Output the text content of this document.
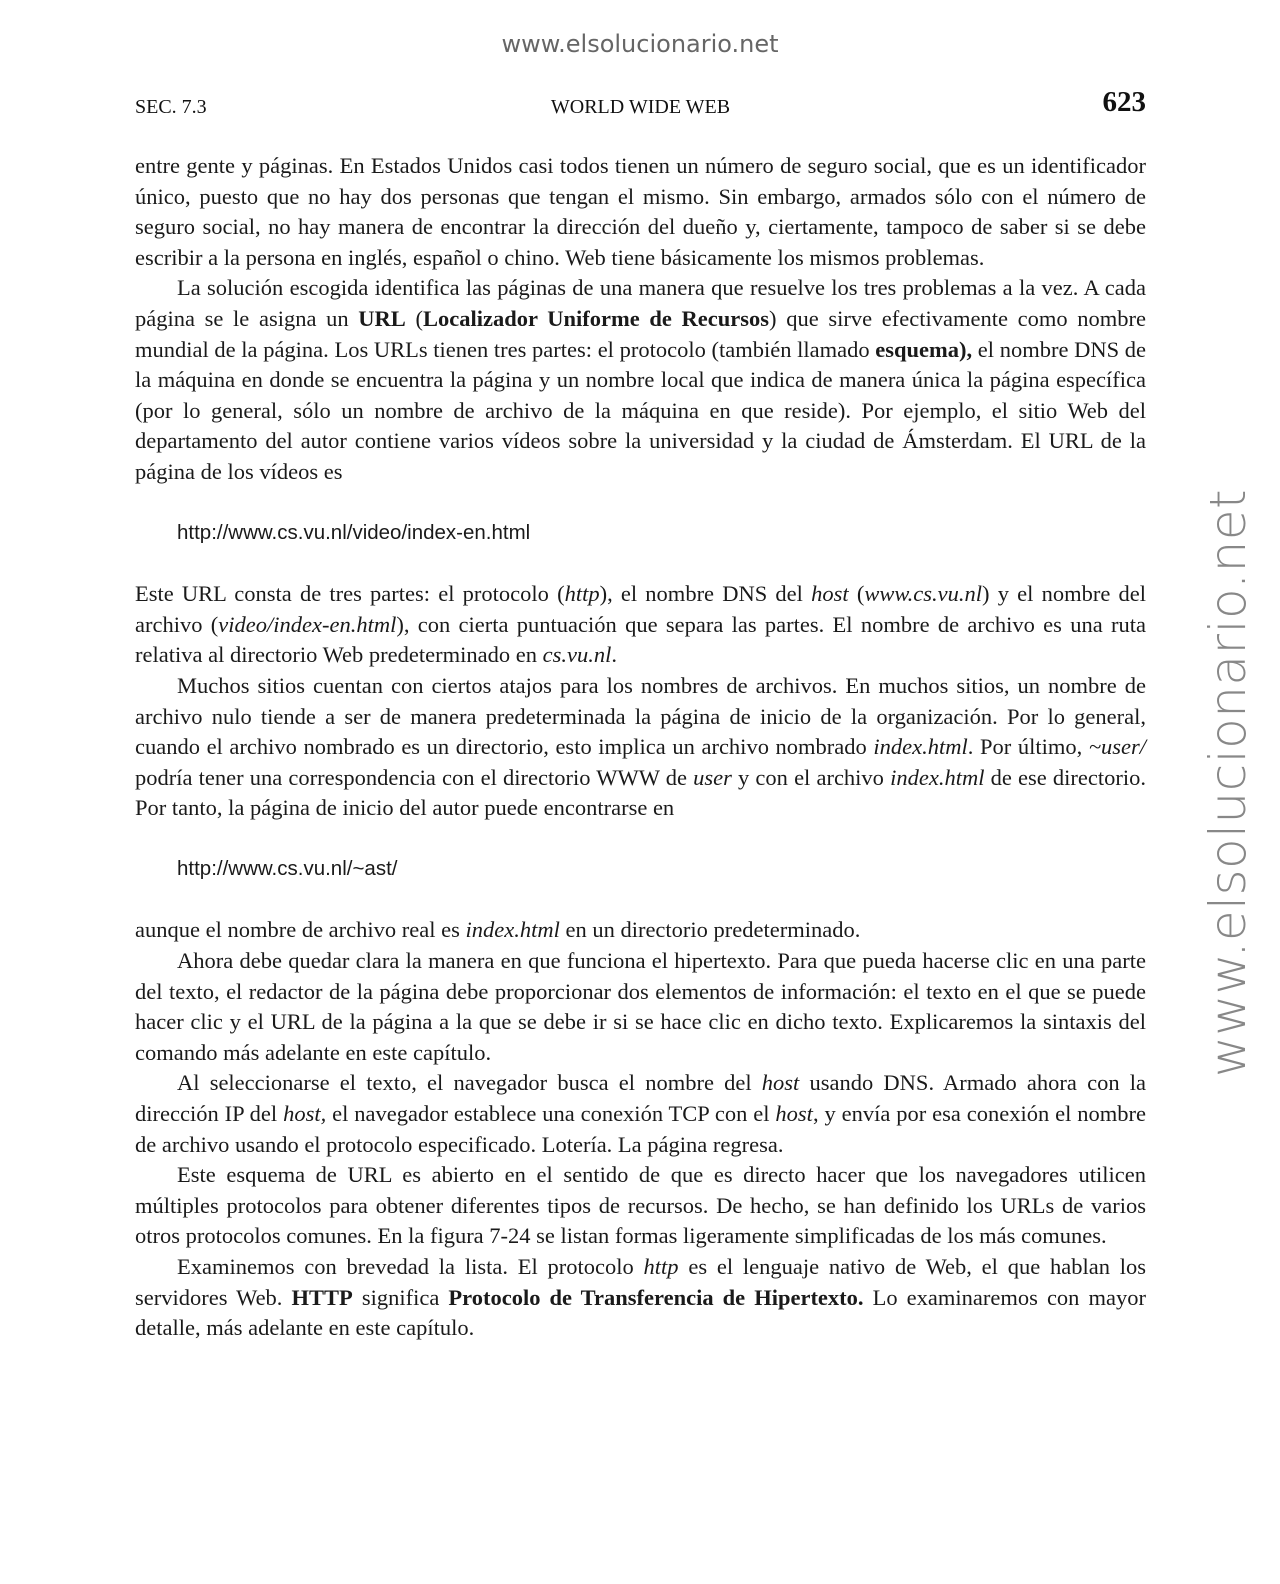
www.elsolucionario.net
www.elsolucionario.net
WORLD WIDE WEB
SEC. 7.3	623

entre gente y páginas. En Estados Unidos casi todos tienen un número de seguro social, que es un identificador único, puesto que no hay dos personas que tengan el mismo. Sin embargo, armados sólo con el número de seguro social, no hay manera de encontrar la dirección del dueño y, ciertamente, tampoco de saber si se debe escribir a la persona en inglés, español o chino. Web tiene básicamente los mismos problemas.

La solución escogida identifica las páginas de una manera que resuelve los tres problemas a la vez. A cada página se le asigna un URL (Localizador Uniforme de Recursos) que sirve efectivamente como nombre mundial de la página. Los URLs tienen tres partes: el protocolo (también llamado esquema), el nombre DNS de la máquina en donde se encuentra la página y un nombre local que indica de manera única la página específica (por lo general, sólo un nombre de archivo de la máquina en que reside). Por ejemplo, el sitio Web del departamento del autor contiene varios vídeos sobre la universidad y la ciudad de Ámsterdam. El URL de la página de los vídeos es

http://www.cs.vu.nl/video/index-en.html

Este URL consta de tres partes: el protocolo (http), el nombre DNS del host (www.cs.vu.nl) y el nombre del archivo (video/index-en.html), con cierta puntuación que separa las partes. El nombre de archivo es una ruta relativa al directorio Web predeterminado en cs.vu.nl.

Muchos sitios cuentan con ciertos atajos para los nombres de archivos. En muchos sitios, un nombre de archivo nulo tiende a ser de manera predeterminada la página de inicio de la organización. Por lo general, cuando el archivo nombrado es un directorio, esto implica un archivo nombrado index.html. Por último, ~user/ podría tener una correspondencia con el directorio WWW de user y con el archivo index.html de ese directorio. Por tanto, la página de inicio del autor puede encontrarse en

http://www.cs.vu.nl/~ast/

aunque el nombre de archivo real es index.html en un directorio predeterminado.

Ahora debe quedar clara la manera en que funciona el hipertexto. Para que pueda hacerse clic en una parte del texto, el redactor de la página debe proporcionar dos elementos de información: el texto en el que se puede hacer clic y el URL de la página a la que se debe ir si se hace clic en dicho texto. Explicaremos la sintaxis del comando más adelante en este capítulo.

Al seleccionarse el texto, el navegador busca el nombre del host usando DNS. Armado ahora con la dirección IP del host, el navegador establece una conexión TCP con el host, y envía por esa conexión el nombre de archivo usando el protocolo especificado. Lotería. La página regresa.

Este esquema de URL es abierto en el sentido de que es directo hacer que los navegadores utilicen múltiples protocolos para obtener diferentes tipos de recursos. De hecho, se han definido los URLs de varios otros protocolos comunes. En la figura 7-24 se listan formas ligeramente simplificadas de los más comunes.

Examinemos con brevedad la lista. El protocolo http es el lenguaje nativo de Web, el que hablan los servidores Web. HTTP significa Protocolo de Transferencia de Hipertexto. Lo examinaremos con mayor detalle, más adelante en este capítulo.
